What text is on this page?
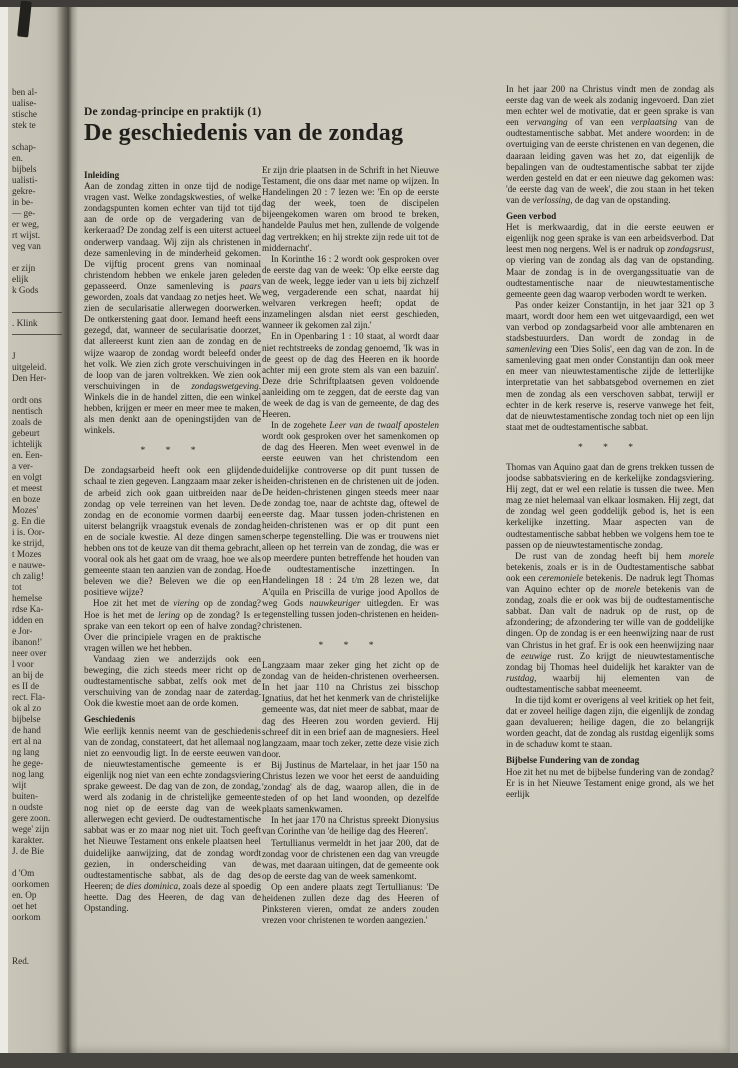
ben al-
ualise-
stische
stek te

schap-
en.
bijbels
ualisti-
gekre-
in be-
— ge-
er weg,
rt wijst.
veg van

er zijn
elijk
k Gods

. Klink

J
uitgeleid.
Den Her-

ordt ons
nentisch
zoals de
gebeurt
ichtelijk
en. Een-
a ver-
en volgt
et meest
en boze
Mozes'
g. En die
i is. Oor-
ke strijd,
t Mozes
e nauwe-
ch zalig!
tot
hemelse
rdse Ka-
idden en
e Jor-
ibanon!'
neer over
l voor
an bij de
es II de
rect. Fla-
ok al zo
bijbelse
de hand
ert al na
ng lang
he gege-
nog lang
wijt
buiten-
n oudste
gere zoon.
wege' zijn
karakter.
J. de Bie

d 'Om
oorkomen
en. Op
oet het
oorkom

Red.
De zondag-principe en praktijk (1)
De geschiedenis van de zondag
Inleiding
Aan de zondag zitten in onze tijd de nodige vragen vast. Welke zondagskwesties, of welke zondagspunten komen echter van tijd tot tijd aan de orde op de vergadering van de kerkeraad? De zondag zelf is een uiterst actueel onderwerp vandaag. Wij zijn als christenen in deze samenleving in de minderheid gekomen. De vijftig procent grens van nominaal christendom hebben we enkele jaren geleden gepasseerd. Onze samenleving is paars geworden, zoals dat vandaag zo netjes heet. We zien de secularisatie allerwegen doorwerken. De ontkerstening gaat door. Iemand heeft eens gezegd, dat, wanneer de secularisatie doorzet, dat allereerst kunt zien aan de zondag en de wijze waarop de zondag wordt beleefd onder het volk. We zien zich grote verschuivingen in de loop van de jaren voltrekken. We zien ook verschuivingen in de zondagswetgeving. Winkels die in de handel zitten, die een winkel hebben, krijgen er meer en meer mee te maken, als men denkt aan de openingstijden van de winkels.
* * *
De zondagsarbeid heeft ook een glijdende schaal te zien gegeven. Langzaam maar zeker is de arbeid zich ook gaan uitbreiden naar de zondag op vele terreinen van het leven. De zondag en de economie vormen daarbij een uiterst belangrijk vraagstuk evenals de zondag en de sociale kwestie. Al deze dingen samen hebben ons tot de keuze van dit thema gebracht, vooral ook als het gaat om de vraag, hoe we als gemeente staan ten aanzien van de zondag. Hoe beleven we die? Beleven we die op een positieve wijze?
Hoe zit het met de viering op de zondag? Hoe is het met de lering op de zondag? Is er sprake van een tekort op een of halve zondag? Over die principiele vragen en de praktische vragen willen we het hebben.
Vandaag zien we anderzijds ook een beweging, die zich steeds meer richt op de oudtestamentische sabbat, zelfs ook met de verschuiving van de zondag naar de zaterdag. Ook die kwestie moet aan de orde komen.
Geschiedenis
Wie eerlijk kennis neemt van de geschiedenis van de zondag, constateert, dat het allemaal nog niet zo eenvoudig ligt. In de eerste eeuwen van de nieuwtestamentische gemeente is er eigenlijk nog niet van een echte zondagsviering sprake geweest. De dag van de zon, de zondag, werd als zodanig in de christelijke gemeente nog niet op de eerste dag van de week allerwegen echt gevierd. De oudtestamentische sabbat was er zo maar nog niet uit. Toch geeft het Nieuwe Testament ons enkele plaatsen heel duidelijke aanwijzing, dat de zondag wordt gezien, in onderscheiding van de oudtestamentische sabbat, als de dag des Heeren; de dies dominica, zoals deze al spoedig heette. Dag des Heeren, de dag van de Opstanding.
Er zijn drie plaatsen in de Schrift in het Nieuwe Testament, die ons daar met name op wijzen. In Handelingen 20 : 7 lezen we: 'En op de eerste dag der week, toen de discipelen bijeengekomen waren om brood te breken, handelde Paulus met hen, zullende de volgende dag vertrekken; en hij strekte zijn rede uit tot de middernacht'.
In Korinthe 16 : 2 wordt ook gesproken over de eerste dag van de week: 'Op elke eerste dag van de week, legge ieder van u iets bij zichzelf weg, vergaderende een schat, naardat hij welvaren verkregen heeft; opdat de inzamelingen alsdan niet eerst geschieden, wanneer ik gekomen zal zijn.'
En in Openbaring 1 : 10 staat, al wordt daar niet rechtstreeks de zondag genoemd, 'Ik was in de geest op de dag des Heeren en ik hoorde achter mij een grote stem als van een bazuin'. Deze drie Schriftplaatsen geven voldoende aanleiding om te zeggen, dat de eerste dag van de week de dag is van de gemeente, de dag des Heeren.
In de zogehete Leer van de twaalf apostelen wordt ook gesproken over het samenkomen op de dag des Heeren. Men weet evenwel in de eerste eeuwen van het christendom een duidelijke controverse op dit punt tussen de heiden-christenen en de christenen uit de joden. De heiden-christenen gingen steeds meer naar de zondag toe, naar de achtste dag, oftewel de eerste dag. Maar tussen joden-christenen en heiden-christenen was er op dit punt een scherpe tegenstelling. Die was er trouwens niet alleen op het terrein van de zondag, die was er op meerdere punten betreffende het houden van de oudtestamentische inzettingen. In Handelingen 18 : 24 t/m 28 lezen we, dat A'quila en Priscilla de vurige jood Apollos de weg Gods nauwkeuriger uitlegden. Er was tegenstelling tussen joden-christenen en heiden-christenen.
* * *
Langzaam maar zeker ging het zicht op de zondag van de heiden-christenen overheersen. In het jaar 110 na Christus zei bisschop Ignatius, dat het het kenmerk van de christelijke gemeente was, dat niet meer de sabbat, maar de dag des Heeren zou worden gevierd. Hij schreef dit in een brief aan de magnesiers. Heel langzaam, maar toch zeker, zette deze visie zich door.
Bij Justinus de Martelaar, in het jaar 150 na Christus lezen we voor het eerst de aanduiding 'zondag' als de dag, waarop allen, die in de steden of op het land woonden, op dezelfde plaats samenkwamen.
In het jaar 170 na Christus spreekt Dionysius van Corinthe van 'de heilige dag des Heeren'.
Tertullianus vermeldt in het jaar 200, dat de zondag voor de christenen een dag van vreugde was, met daaraan uitingen, dat de gemeente ook op de eerste dag van de week samenkomt.
Op een andere plaats zegt Tertullianus: 'De heidenen zullen deze dag des Heeren of Pinksteren vieren, omdat ze anders zouden vrezen voor christenen te worden aangezien.'
In het jaar 200 na Christus vindt men de zondag als eerste dag van de week als zodanig ingevoerd. Dan ziet men echter wel de motivatie, dat er geen sprake is van een vervanging of van een verplaatsing van de oudtestamentische sabbat. Met andere woorden: in de overtuiging van de eerste christenen en van degenen, die daaraan leiding gaven was het zo, dat eigenlijk de bepalingen van de oudtestamentische sabbat ter zijde werden gesteld en dat er een nieuwe dag gekomen was: 'de eerste dag van de week', die zou staan in het teken van de verlossing, de dag van de opstanding.
Geen verbod
Het is merkwaardig, dat in die eerste eeuwen er eigenlijk nog geen sprake is van een arbeidsverbod. Dat leest men nog nergens. Wel is er nadruk op zondagsrust, op viering van de zondag als dag van de opstanding. Maar de zondag is in de overgangssituatie van de oudtestamentische naar de nieuwtestamentische gemeente geen dag waarop verboden wordt te werken.
Pas onder keizer Constantijn, in het jaar 321 op 3 maart, wordt door hem een wet uitgevaardigd, een wet van verbod op zondagsarbeid voor alle ambtenaren en stadsbestuurders. Dan wordt de zondag in de samenleving een 'Dies Solis', een dag van de zon. In de samenleving gaat men onder Constantijn dan ook meer en meer van nieuwtestamentische zijde de letterlijke interpretatie van het sabbatsgebod overnemen en ziet men de zondag als een verschoven sabbat, terwijl er echter in de kerk reserve is, reserve vanwege het feit, dat de nieuwtestamentische zondag toch niet op een lijn staat met de oudtestamentische sabbat.
* * *
Thomas van Aquino gaat dan de grens trekken tussen de joodse sabbatsviering en de kerkelijke zondagsviering. Hij zegt, dat er wel een relatie is tussen die twee. Men mag ze niet helemaal van elkaar losmaken. Hij zegt, dat de zondag wel geen goddelijk gebod is, het is een kerkelijke inzetting. Maar aspecten van de oudtestamentische sabbat hebben we volgens hem toe te passen op de nieuwtestamentische zondag.
De rust van de zondag heeft bij hem morele betekenis, zoals er is in de Oudtestamentische sabbat ook een ceremoniele betekenis. De nadruk legt Thomas van Aquino echter op de morele betekenis van de zondag, zoals die er ook was bij de oudtestamentische sabbat. Dan valt de nadruk op de rust, op de afzondering; de afzondering ter wille van de goddelijke dingen. Op de zondag is er een heenwijzing naar de rust van Christus in het graf. Er is ook een heenwijzing naar de eeuwige rust. Zo krijgt de nieuwtestamentische zondag bij Thomas heel duidelijk het karakter van de rustdag, waarbij hij elementen van de oudtestamentische sabbat meeneemt.
In die tijd komt er overigens al veel kritiek op het feit, dat er zoveel heilige dagen zijn, die eigenlijk de zondag gaan devalueren; heilige dagen, die zo belangrijk worden geacht, dat de zondag als rustdag eigenlijk soms in de schaduw komt te staan.
Bijbelse Fundering van de zondag
Hoe zit het nu met de bijbelse fundering van de zondag? Er is in het Nieuwe Testament enige grond, als we het eerlijk
